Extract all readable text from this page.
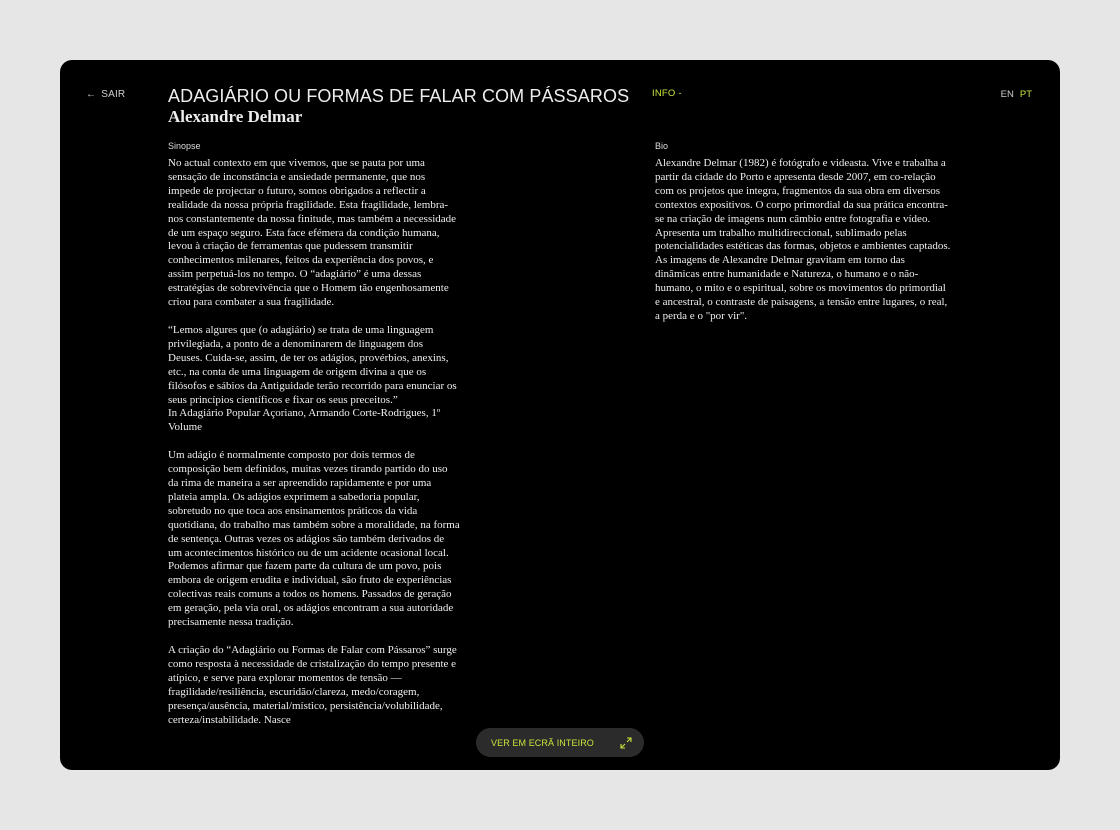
← SAIR ADAGIÁRIO OU FORMAS DE FALAR COM PÁSSAROS
Alexandre Delmar
INFO -	EN PT
Sinopse

No actual contexto em que vivemos, que se pauta por uma sensação de inconstância e ansiedade permanente, que nos impede de projectar o futuro, somos obrigados a reflectir a realidade da nossa própria fragilidade. Esta fragilidade, lembra-nos constantemente da nossa finitude, mas também a necessidade de um espaço seguro. Esta face efémera da condição humana, levou à criação de ferramentas que pudessem transmitir conhecimentos milenares, feitos da experiência dos povos, e assim perpetuá-los no tempo. O “adagiário” é uma dessas estratégias de sobrevivência que o Homem tão engenhosamente criou para combater a sua fragilidade.

“Lemos algures que (o adagiário) se trata de uma linguagem privilegiada, a ponto de a denominarem de linguagem dos Deuses. Cuida-se, assim, de ter os adágios, provérbios, anexins, etc., na conta de uma linguagem de origem divina a que os filósofos e sábios da Antiguidade terão recorrido para enunciar os seus princípios científicos e fixar os seus preceitos.”

In Adagiário Popular Açoriano, Armando Corte-Rodrigues, 1º Volume

Um adágio é normalmente composto por dois termos de composição bem definidos, muitas vezes tirando partido do uso da rima de maneira a ser apreendido rapidamente e por uma plateia ampla. Os adágios exprimem a sabedoria popular, sobretudo no que toca aos ensinamentos práticos da vida quotidiana, do trabalho mas também sobre a moralidade, na forma de sentença. Outras vezes os adágios são também derivados de um acontecimentos histórico ou de um acidente ocasional local. Podemos afirmar que fazem parte da cultura de um povo, pois embora de origem erudita e individual, são fruto de experiências colectivas reais comuns a todos os homens. Passados de geração em geração, pela via oral, os adágios encontram a sua autoridade precisamente nessa tradição.

A criação do “Adagiário ou Formas de Falar com Pássaros” surge como resposta à necessidade de cristalização do tempo presente e atípico, e serve para explorar momentos de tensão — fragilidade/resiliência, escuridão/clareza, medo/coragem, presença/ausência, material/místico, persistência/volubilidade, certeza/instabilidade. Nasce

Bio

Alexandre Delmar (1982) é fotógrafo e videasta. Vive e trabalha a partir da cidade do Porto e apresenta desde 2007, em co-relação com os projetos que integra, fragmentos da sua obra em diversos contextos expositivos. O corpo primordial da sua prática encontra-se na criação de imagens num câmbio entre fotografia e vídeo. Apresenta um trabalho multidireccional, sublimado pelas potencialidades estéticas das formas, objetos e ambientes captados. As imagens de Alexandre Delmar gravitam em torno das dinâmicas entre humanidade e Natureza, o humano e o não-humano, o mito e o espiritual, sobre os movimentos do primordial e ancestral, o contraste de paisagens, a tensão entre lugares, o real, a perda e o "por vir".

VER EM ECRÃ INTEIRO
